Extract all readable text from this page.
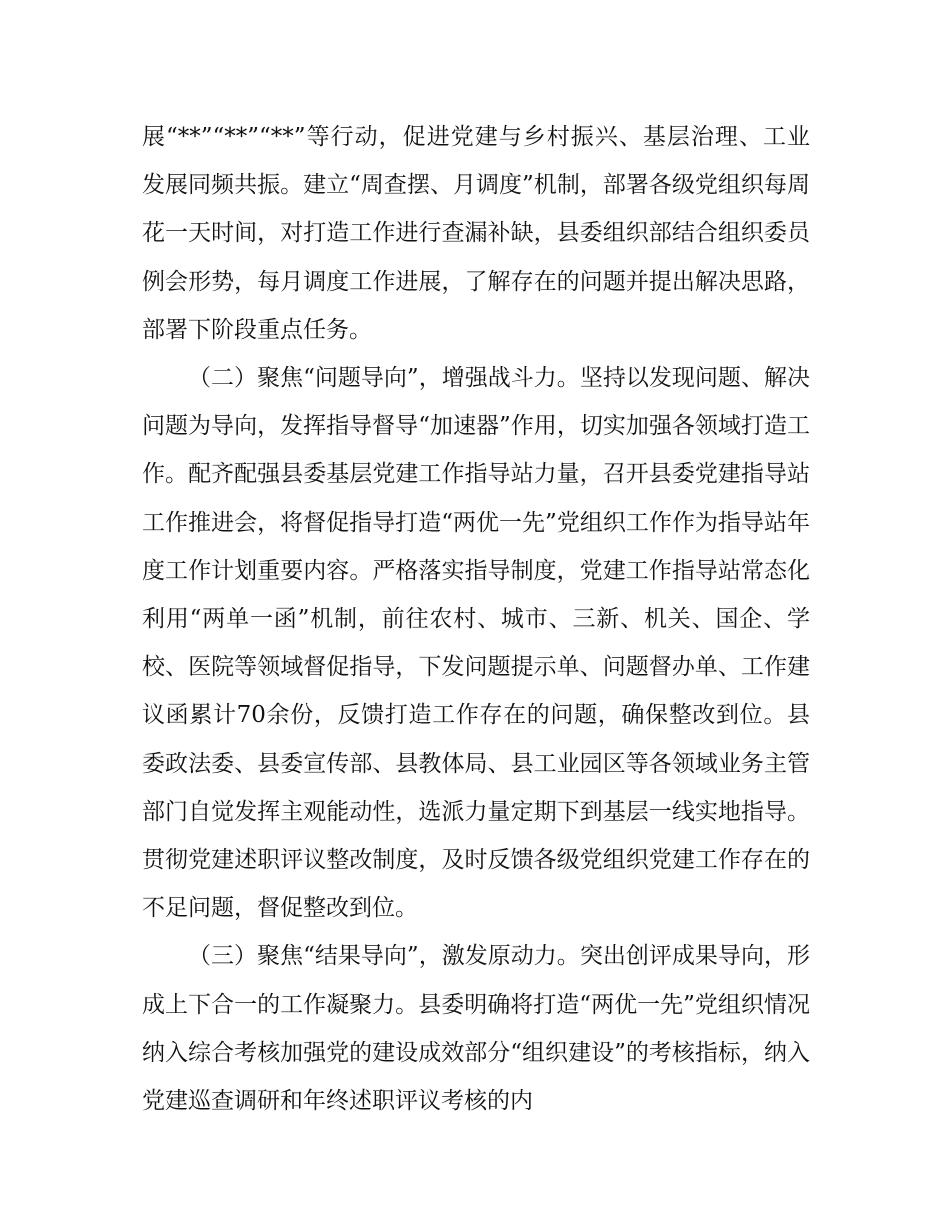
展“**”“**”“**”等行动，促进党建与乡村振兴、基层治理、工业发展同频共振。建立“周查摆、月调度”机制，部署各级党组织每周花一天时间，对打造工作进行查漏补缺，县委组织部结合组织委员例会形势，每月调度工作进展，了解存在的问题并提出解决思路，部署下阶段重点任务。

（二）聚焦“问题导向”，增强战斗力。坚持以发现问题、解决问题为导向，发挥指导督导“加速器”作用，切实加强各领域打造工作。配齐配强县委基层党建工作指导站力量，召开县委党建指导站工作推进会，将督促指导打造“两优一先”党组织工作作为指导站年度工作计划重要内容。严格落实指导制度，党建工作指导站常态化利用“两单一函”机制，前往农村、城市、三新、机关、国企、学校、医院等领域督促指导，下发问题提示单、问题督办单、工作建议函累计70余份，反馈打造工作存在的问题，确保整改到位。县委政法委、县委宣传部、县教体局、县工业园区等各领域业务主管部门自觉发挥主观能动性，选派力量定期下到基层一线实地指导。贯彻党建述职评议整改制度，及时反馈各级党组织党建工作存在的不足问题，督促整改到位。

（三）聚焦“结果导向”，激发原动力。突出创评成果导向，形成上下合一的工作凝聚力。县委明确将打造“两优一先”党组织情况纳入综合考核加强党的建设成效部分“组织建设”的考核指标，纳入党建巡查调研和年终述职评议考核的内
